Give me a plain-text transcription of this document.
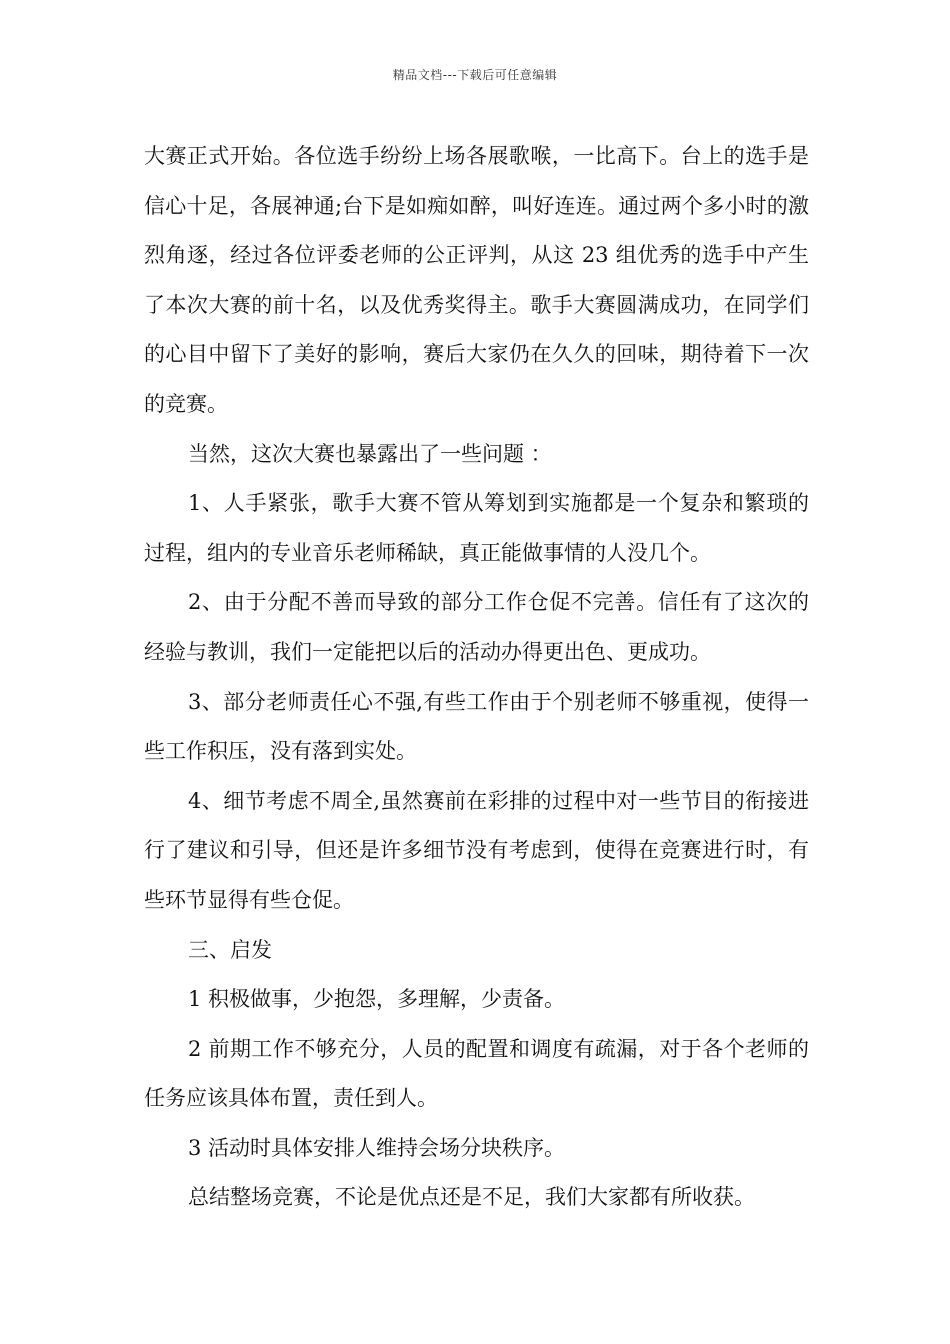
精品文档---下载后可任意编辑

大赛正式开始。各位选手纷纷上场各展歌喉，一比高下。台上的选手是信心十足，各展神通;台下是如痴如醉，叫好连连。通过两个多小时的激烈角逐，经过各位评委老师的公正评判，从这 23 组优秀的选手中产生了本次大赛的前十名，以及优秀奖得主。歌手大赛圆满成功，在同学们的心目中留下了美好的影响，赛后大家仍在久久的回味，期待着下一次的竞赛。

当然，这次大赛也暴露出了一些问题 ：

1、人手紧张，歌手大赛不管从筹划到实施都是一个复杂和繁琐的过程，组内的专业音乐老师稀缺，真正能做事情的人没几个。

2、由于分配不善而导致的部分工作仓促不完善。信任有了这次的经验与教训，我们一定能把以后的活动办得更出色、更成功。

3、部分老师责任心不强,有些工作由于个别老师不够重视，使得一些工作积压，没有落到实处。

4、细节考虑不周全,虽然赛前在彩排的过程中对一些节目的衔接进行了建议和引导，但还是许多细节没有考虑到，使得在竞赛进行时，有些环节显得有些仓促。

三、启发

1 积极做事，少抱怨，多理解，少责备。

2 前期工作不够充分，人员的配置和调度有疏漏，对于各个老师的任务应该具体布置，责任到人。

3 活动时具体安排人维持会场分块秩序。

总结整场竞赛，不论是优点还是不足，我们大家都有所收获。
